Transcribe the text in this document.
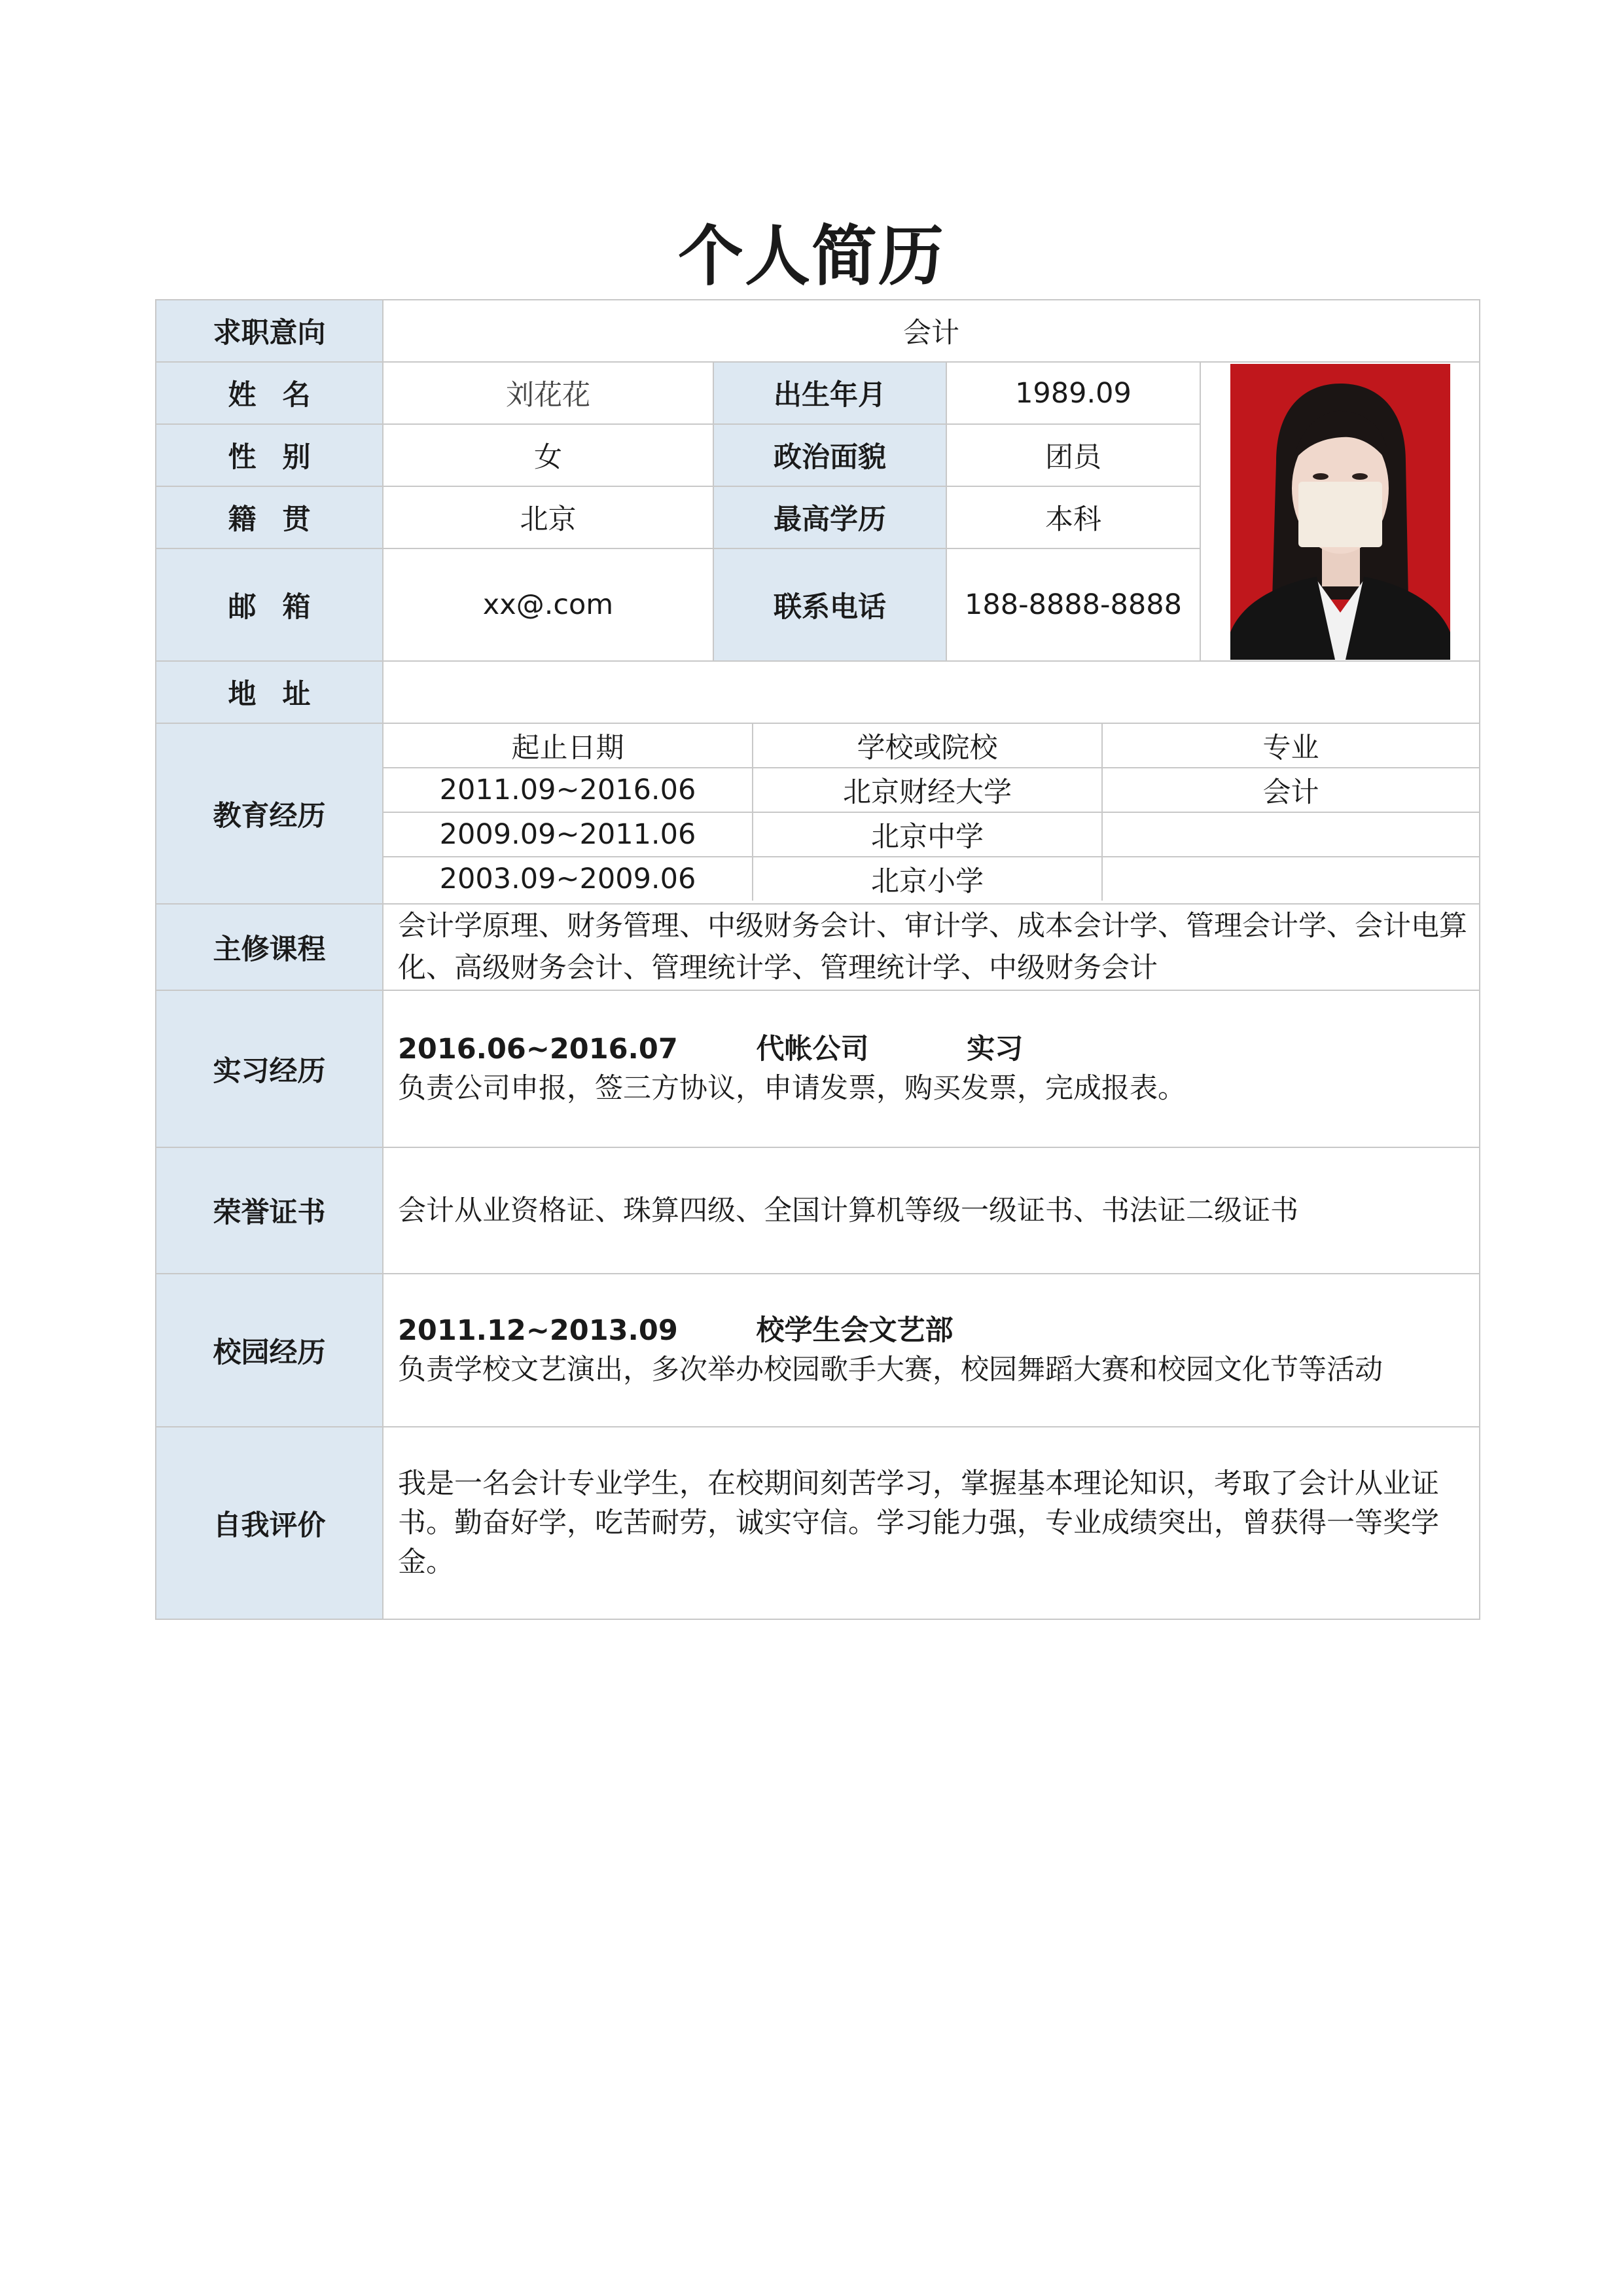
个人简历
求职意向	会计
姓名	刘花花	出生年月	1989.09	

性别	女	政治面貌	团员
籍贯	北京	最高学历	本科
邮箱	xx@.com	联系电话	188-8888-8888
地址	
教育经历	
起止日期	学校或院校	专业
2011.09~2016.06	北京财经大学	会计
2009.09~2011.06	北京中学	
2003.09~2009.06	北京小学	

主修课程	会计学原理、财务管理、中级财务会计、审计学、成本会计学、管理会计学、会计电算化、高级财务会计、管理统计学、管理统计学、中级财务会计
实习经历	
2016.06~2016.07        代帐公司          实习
负责公司申报，签三方协议，申请发票，购买发票，完成报表。

荣誉证书	会计从业资格证、珠算四级、全国计算机等级一级证书、书法证二级证书
校园经历	
2011.12~2013.09        校学生会文艺部
负责学校文艺演出，多次举办校园歌手大赛，校园舞蹈大赛和校园文化节等活动

自我评价	我是一名会计专业学生，在校期间刻苦学习，掌握基本理论知识，考取了会计从业证书。勤奋好学，吃苦耐劳，诚实守信。学习能力强，专业成绩突出，曾获得一等奖学金。
